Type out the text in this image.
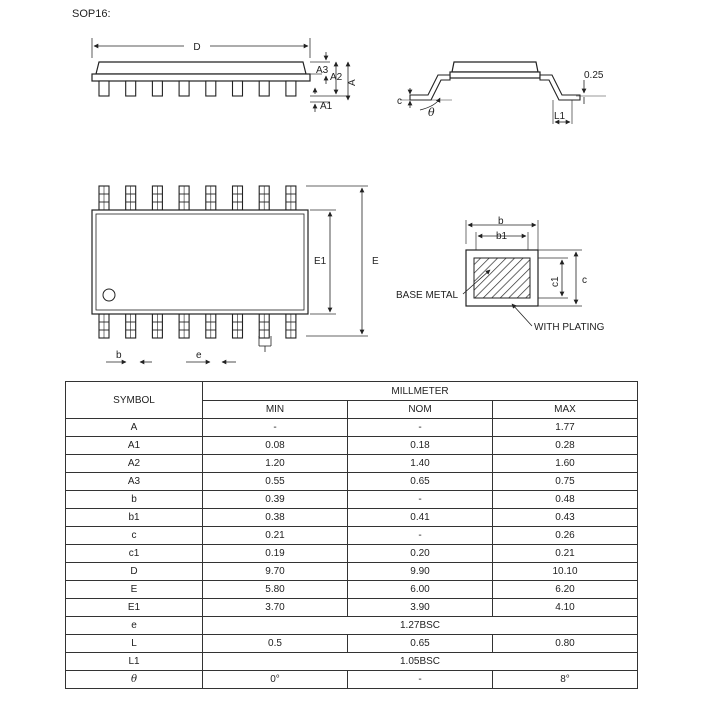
SOP16:
D
A3
A2 A
A1	c
θ
0.25
L1
E1	E
b	e
b
b1
c1 c
BASE METAL
WITH PLATING
SYMBOL	MILLMETER		
	MIN	NOM	MAX
A	-	-	1.77
A1	0.08	0.18	0.28
A2	1.20	1.40	1.60
A3	0.55	0.65	0.75
b	0.39	-	0.48
b1	0.38	0.41	0.43
c	0.21	-	0.26
c1	0.19	0.20	0.21
D	9.70	9.90	10.10
E	5.80	6.00	6.20
E1	3.70	3.90	4.10
e	1.27BSC		
L	0.5	0.65	0.80
L1	1.05BSC		
θ	0°	-	8°
